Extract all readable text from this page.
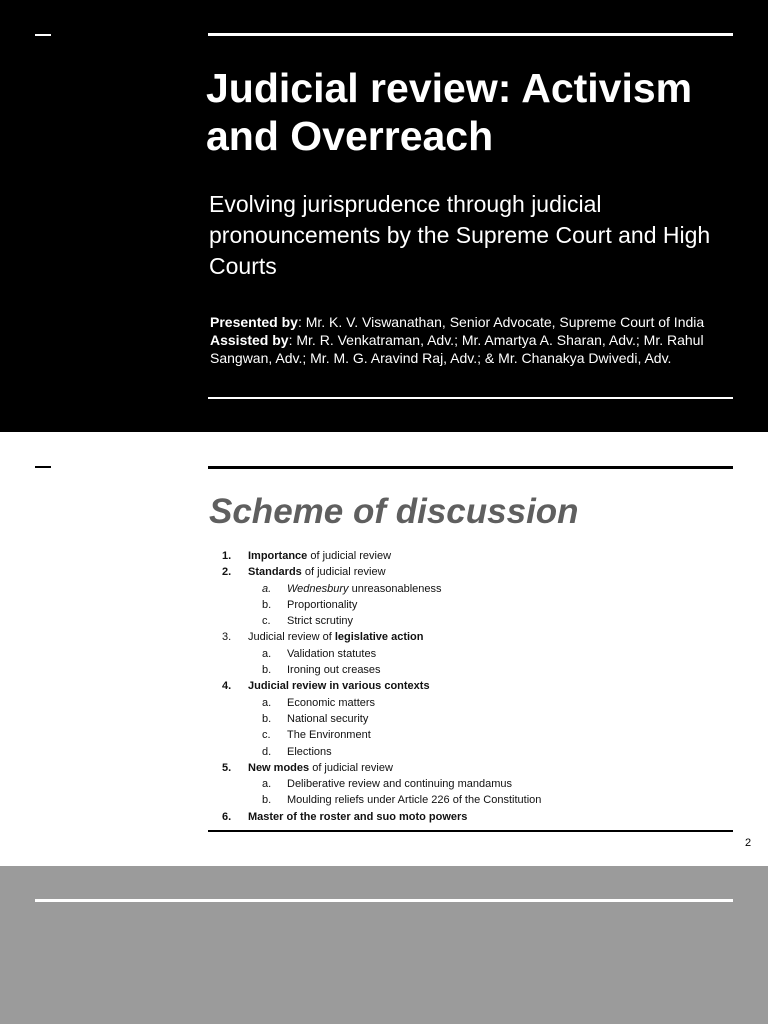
Judicial review: Activism and Overreach

Evolving jurisprudence through judicial pronouncements by the Supreme Court and High Courts

Presented by: Mr. K. V. Viswanathan, Senior Advocate, Supreme Court of India

Assisted by: Mr. R. Venkatraman, Adv.; Mr. Amartya A. Sharan, Adv.; Mr. Rahul Sangwan, Adv.; Mr. M. G. Aravind Raj, Adv.; & Mr. Chanakya Dwivedi, Adv.

Scheme of discussion
1.	Importance of judicial review
2.	Standards of judicial review
a.	Wednesbury unreasonableness
b.	Proportionality
c.	Strict scrutiny
3.	Judicial review of legislative action
a.	Validation statutes
b.	Ironing out creases
4.	Judicial review in various contexts
a.	Economic matters
b.	National security
c.	The Environment
d.	Elections
5.	New modes of judicial review
a.	Deliberative review and continuing mandamus
b.	Moulding reliefs under Article 226 of the Constitution
6.	Master of the roster and suo moto powers
2
